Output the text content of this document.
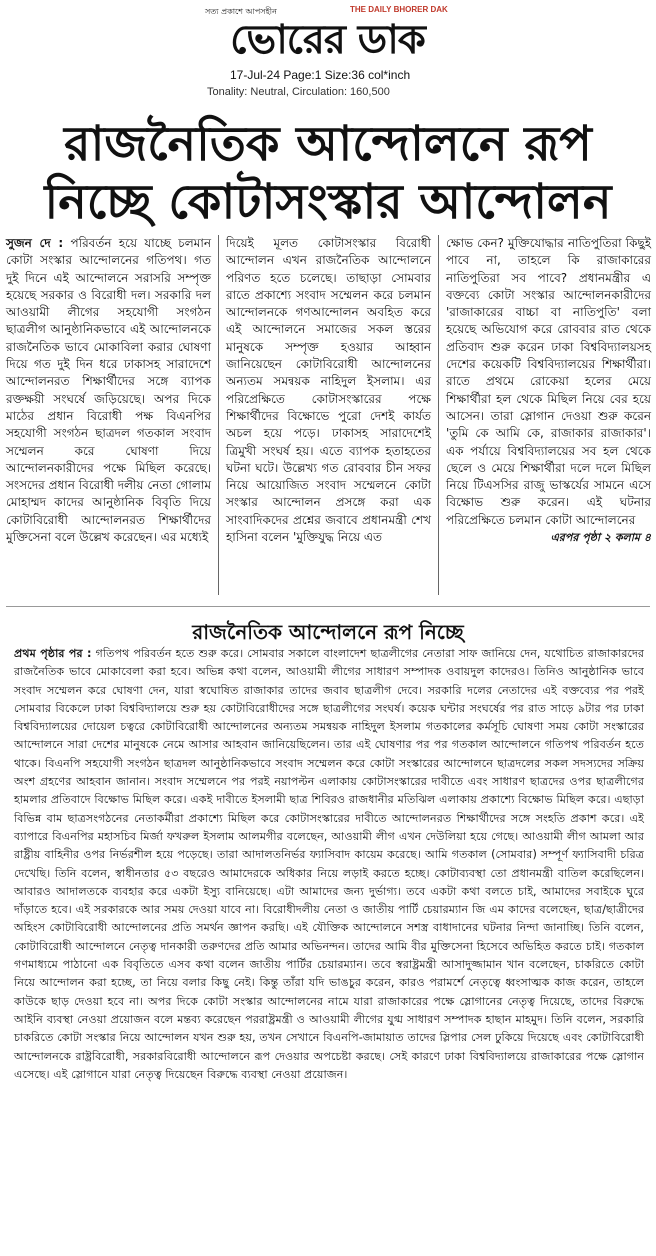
সত্য প্রকাশে আপসহীন	THE DAILY BHORER DAK
ভোরের ডাক
17-Jul-24 Page:1 Size:36 col*inch
Tonality: Neutral, Circulation: 160,500
রাজনৈতিক আন্দোলনে রূপ
নিচ্ছে কোটাসংস্কার আন্দোলন
সুজন দে : পরিবর্তন হয়ে যাচ্ছে চলমান কোটা সংস্কার আন্দোলনের গতিপথ। গত দুই দিনে এই আন্দোলনে সরাসরি সম্পৃক্ত হয়েছে সরকার ও বিরোধী দল। সরকারি দল আওয়ামী লীগের সহযোগী সংগঠন ছাত্রলীগ আনুষ্ঠানিকভাবে এই আন্দোলনকে রাজনৈতিক ভাবে মোকাবিলা করার ঘোষণা দিয়ে গত দুই দিন ধরে ঢাকাসহ সারাদেশে আন্দোলনরত শিক্ষার্থীদের সঙ্গে ব্যাপক রক্তক্ষয়ী সংঘর্ষে জড়িয়েছে। অপর দিকে মাঠের প্রধান বিরোধী পক্ষ বিএনপির সহযোগী সংগঠন ছাত্রদল গতকাল সংবাদ সম্মেলন করে ঘোষণা দিয়ে আন্দোলনকারীদের পক্ষে মিছিল করেছে। সংসদের প্রধান বিরোধী দলীয় নেতা গোলাম মোহাম্মদ কাদের আনুষ্ঠানিক বিবৃতি দিয়ে কোটাবিরোধী আন্দোলনরত শিক্ষার্থীদের মুক্তিসেনা বলে উল্লেখ করেছেন। এর মধ্যেই
দিয়েই মূলত কোটাসংস্কার বিরোধী আন্দোলন এখন রাজনৈতিক আন্দোলনে পরিণত হতে চলেছে। তাছাড়া সোমবার রাতে প্রকাশ্যে সংবাদ সম্মেলন করে চলমান আন্দোলনকে গণআন্দোলন অবহিত করে এই আন্দোলনে সমাজের সকল স্তরের মানুষকে সম্পৃক্ত হওয়ার আহ্বান জানিয়েছেন কোটাবিরোধী আন্দোলনের অন্যতম সমন্বয়ক নাহিদুল ইসলাম। এর পরিপ্রেক্ষিতে কোটাসংস্কারের পক্ষে শিক্ষার্থীদের বিক্ষোভে পুরো দেশই কার্যত অচল হয়ে পড়ে। ঢাকাসহ সারাদেশেই ত্রিমুখী সংঘর্ষ হয়। এতে ব্যাপক হতাহতের ঘটনা ঘটে। উল্লেখ্য গত রোববার চীন সফর নিয়ে আয়োজিত সংবাদ সম্মেলনে কোটা সংস্কার আন্দোলন প্রসঙ্গে করা এক সাংবাদিকদের প্রশ্নের জবাবে প্রধানমন্ত্রী শেখ হাসিনা বলেন 'মুক্তিযুদ্ধ নিয়ে এত
ক্ষোভ কেন? মুক্তিযোদ্ধার নাতিপুতিরা কিছুই পাবে না, তাহলে কি রাজাকারের নাতিপুতিরা সব পাবে? প্রধানমন্ত্রীর এ বক্তব্যে কোটা সংস্কার আন্দোলনকারীদের 'রাজাকারের বাচ্চা বা নাতিপুতি' বলা হয়েছে অভিযোগ করে রোববার রাত থেকে প্রতিবাদ শুরু করেন ঢাকা বিশ্ববিদ্যালয়সহ দেশের কয়েকটি বিশ্ববিদ্যালয়ের শিক্ষার্থীরা। রাতে প্রথমে রোকেয়া হলের মেয়ে শিক্ষার্থীরা হল থেকে মিছিল নিয়ে বের হয়ে আসেন। তারা স্লোগান দেওয়া শুরু করেন 'তুমি কে আমি কে, রাজাকার রাজাকার'। এক পর্যায়ে বিশ্ববিদ্যালয়ের সব হল থেকে ছেলে ও মেয়ে শিক্ষার্থীরা দলে দলে মিছিল নিয়ে টিএসসির রাজু ভাস্কর্যের সামনে এসে বিক্ষোভ শুরু করেন। এই ঘটনার পরিপ্রেক্ষিতে চলমান কোটা আন্দোলনের
এরপর পৃষ্ঠা ২ কলাম ৪
রাজনৈতিক আন্দোলনে রূপ নিচ্ছে
প্রথম পৃষ্ঠার পর : গতিপথ পরিবর্তন হতে শুরু করে। সোমবার সকালে বাংলাদেশ ছাত্রলীগের নেতারা সাফ জানিয়ে দেন, যথোচিত রাজাকারদের রাজনৈতিক ভাবে মোকাবেলা করা হবে। অভিন্ন কথা বলেন, আওয়ামী লীগের সাধারণ সম্পাদক ওবায়দুল কাদেরও। তিনিও আনুষ্ঠানিক ভাবে সংবাদ সম্মেলন করে ঘোষণা দেন, যারা স্বঘোষিত রাজাকার তাদের জবাব ছাত্রলীগ দেবে। সরকারি দলের নেতাদের এই বক্তব্যের পর পরই সোমবার বিকেলে ঢাকা বিশ্ববিদ্যালয়ে শুরু হয় কোটাবিরোধীদের সঙ্গে ছাত্রলীগের সংঘর্ষ। কয়েক ঘন্টার সংঘর্ষের পর রাত সাড়ে ৯টার পর ঢাকা বিশ্ববিদ্যালয়ের দোয়েল চত্বরে কোটাবিরোধী আন্দোলনের অন্যতম সমন্বয়ক নাহিদুল ইসলাম গতকালের কর্মসূচি ঘোষণা সময় কোটা সংস্কারের আন্দোলনে সারা দেশের মানুষকে নেমে আসার আহবান জানিয়েছিলেন। তার এই ঘোষণার পর পর গতকাল আন্দোলনে গতিপথ পরিবর্তন হতে থাকে। বিএনপি সহযোগী সংগঠন ছাত্রদল আনুষ্ঠানিকভাবে সংবাদ সম্মেলন করে কোটা সংস্কারের আন্দোলনে ছাত্রদলের সকল সদস্যদের সক্রিয় অংশ গ্রহণের আহবান জানান। সংবাদ সম্মেলনে পর পরই নয়াপল্টন এলাকায় কোটাসংস্কারের দাবীতে এবং সাধারণ ছাত্রদের ওপর ছাত্রলীগের হামলার প্রতিবাদে বিক্ষোভ মিছিল করে। একই দাবীতে ইসলামী ছাত্র শিবিরও রাজধানীর মতিঝিল এলাকায় প্রকাশ্যে বিক্ষোভ মিছিল করে। এছাড়া বিভিন্ন বাম ছাত্রসংগঠনের নেতাকর্মীরা প্রকাশ্যে মিছিল করে কোটাসংস্কারের দাবীতে আন্দোলনরত শিক্ষার্থীদের সঙ্গে সংহতি প্রকাশ করে। এই ব্যাপারে বিএনপির মহাসচিব মির্জা ফখরুল ইসলাম আলমগীর বলেছেন, আওয়ামী লীগ এখন দেউলিয়া হয়ে গেছে। আওয়ামী লীগ আমলা আর রাষ্ট্রীয় বাহিনীর ওপর নির্ভরশীল হয়ে পড়েছে। তারা আদালতনির্ভর ফ্যাসিবাদ কায়েম করেছে। আমি গতকাল (সোমবার) সম্পূর্ণ ফ্যাসিবাদী চরিত্র দেখেছি। তিনি বলেন, স্বাধীনতার ৫৩ বছরেও আমাদেরকে অধিকার নিয়ে লড়াই করতে হচ্ছে। কোটাব্যবস্থা তো প্রধানমন্ত্রী বাতিল করেছিলেন। আবারও আদালতকে ব্যবহার করে একটা ইস্যু বানিয়েছে। এটা আমাদের জন্য দুর্ভাগ্য। তবে একটা কথা বলতে চাই, আমাদের সবাইকে ঘুরে দাঁড়াতে হবে। এই সরকারকে আর সময় দেওয়া যাবে না। বিরোধীদলীয় নেতা ও জাতীয় পার্টি চেয়ারম্যান জি এম কাদের বলেছেন, ছাত্র/ছাত্রীদের অহিংস কোটাবিরোধী আন্দোলনের প্রতি সমর্থন জ্ঞাপন করছি। এই যৌক্তিক আন্দোলনে সশস্ত্র বাধাদানের ঘটনার নিন্দা জানাচ্ছি। তিনি বলেন, কোটাবিরোধী আন্দোলনে নেতৃত্ব দানকারী তরুণদের প্রতি আমার অভিনন্দন। তাদের আমি বীর মুক্তিসেনা হিসেবে অভিহিত করতে চাই। গতকাল গণমাধ্যমে পাঠানো এক বিবৃতিতে এসব কথা বলেন জাতীয় পার্টির চেয়ারম্যান। তবে স্বরাষ্ট্রমন্ত্রী আসাদুজ্জামান খান বলেছেন, চাকরিতে কোটা নিয়ে আন্দোলন করা হচ্ছে, তা নিয়ে বলার কিছু নেই। কিন্তু তাঁরা যদি ভাঙচুর করেন, কারও পরামর্শে নেতৃত্বে ধ্বংসাত্মক কাজ করেন, তাহলে কাউকে ছাড় দেওয়া হবে না। অপর দিকে কোটা সংস্কার আন্দোলনের নামে যারা রাজাকারের পক্ষে স্লোগানের নেতৃত্ব দিয়েছে, তাদের বিরুদ্ধে আইনি ব্যবস্থা নেওয়া প্রয়োজন বলে মন্তব্য করেছেন পররাষ্ট্রমন্ত্রী ও আওয়ামী লীগের যুগ্ম সাধারণ সম্পাদক হাছান মাহমুদ। তিনি বলেন, সরকারি চাকরিতে কোটা সংস্কার নিয়ে আন্দোলন যখন শুরু হয়, তখন সেখানে বিএনপি-জামায়াত তাদের স্লিপার সেল ঢুকিয়ে দিয়েছে এবং কোটাবিরোধী আন্দোলনকে রাষ্ট্রবিরোধী, সরকারবিরোধী আন্দোলনে রূপ দেওয়ার অপচেষ্টা করছে। সেই কারণে ঢাকা বিশ্ববিদ্যালয়ে রাজাকারের পক্ষে স্লোগান এসেছে। এই স্লোগানে যারা নেতৃত্ব দিয়েছেন বিরুদ্ধে ব্যবস্থা নেওয়া প্রয়োজন।
